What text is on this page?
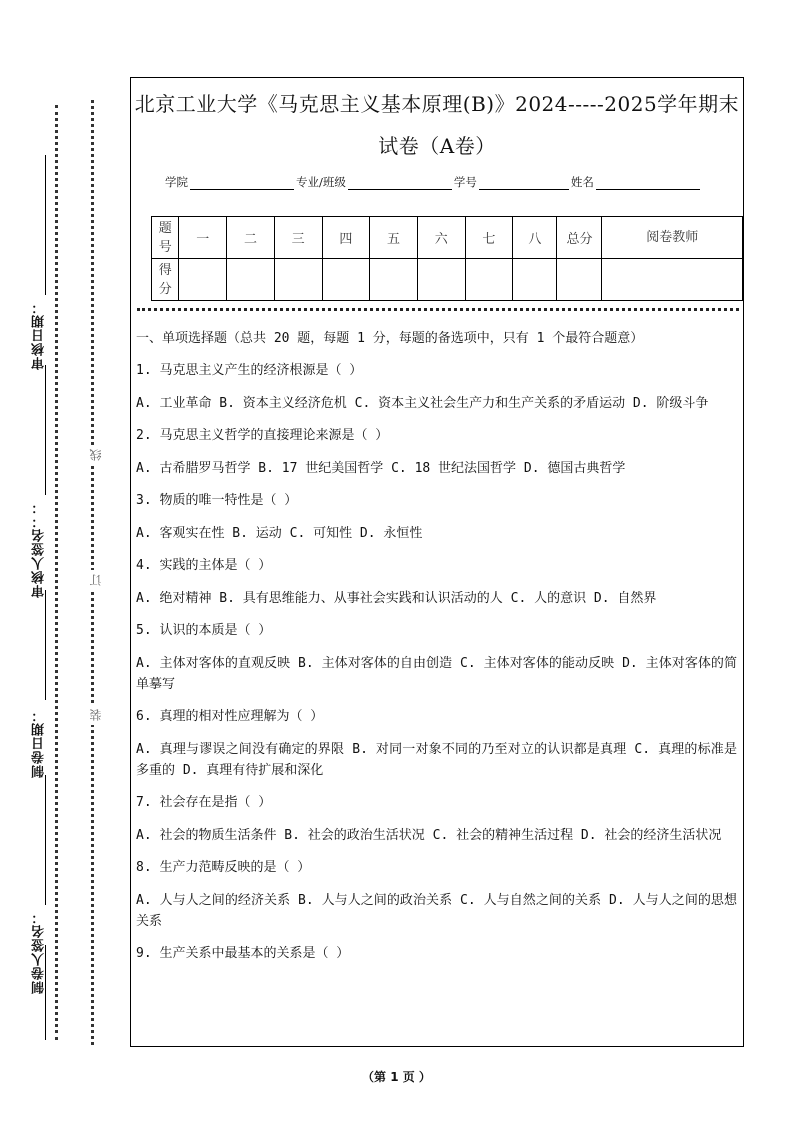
审核日期：
审核人签名：：
制卷日期：
制卷人签名：
线
订
装
北京工业大学《马克思主义基本原理(B)》2024-----2025学年期末
试卷（A卷）
学院	专业/班级	学号	姓名
题号	一	二	三	四	五	六	七	八	总分	阅卷教师
得分										

一、单项选择题（总共 20 题，每题 1 分，每题的备选项中，只有 1 个最符合题意）

1. 马克思主义产生的经济根源是（ ）

A. 工业革命 B. 资本主义经济危机 C. 资本主义社会生产力和生产关系的矛盾运动 D. 阶级斗争

2. 马克思主义哲学的直接理论来源是（ ）

A. 古希腊罗马哲学 B. 17 世纪美国哲学 C. 18 世纪法国哲学 D. 德国古典哲学

3. 物质的唯一特性是（ ）

A. 客观实在性 B. 运动 C. 可知性 D. 永恒性

4. 实践的主体是（ ）

A. 绝对精神 B. 具有思维能力、从事社会实践和认识活动的人 C. 人的意识 D. 自然界

5. 认识的本质是（ ）

A. 主体对客体的直观反映 B. 主体对客体的自由创造 C. 主体对客体的能动反映 D. 主体对客体的简单摹写

6. 真理的相对性应理解为（ ）

A. 真理与谬误之间没有确定的界限 B. 对同一对象不同的乃至对立的认识都是真理 C. 真理的标准是多重的 D. 真理有待扩展和深化

7. 社会存在是指（ ）

A. 社会的物质生活条件 B. 社会的政治生活状况 C. 社会的精神生活过程 D. 社会的经济生活状况

8. 生产力范畴反映的是（ ）

A. 人与人之间的经济关系 B. 人与人之间的政治关系 C. 人与自然之间的关系 D. 人与人之间的思想关系

9. 生产关系中最基本的关系是（ ）

（第 1 页 ）
